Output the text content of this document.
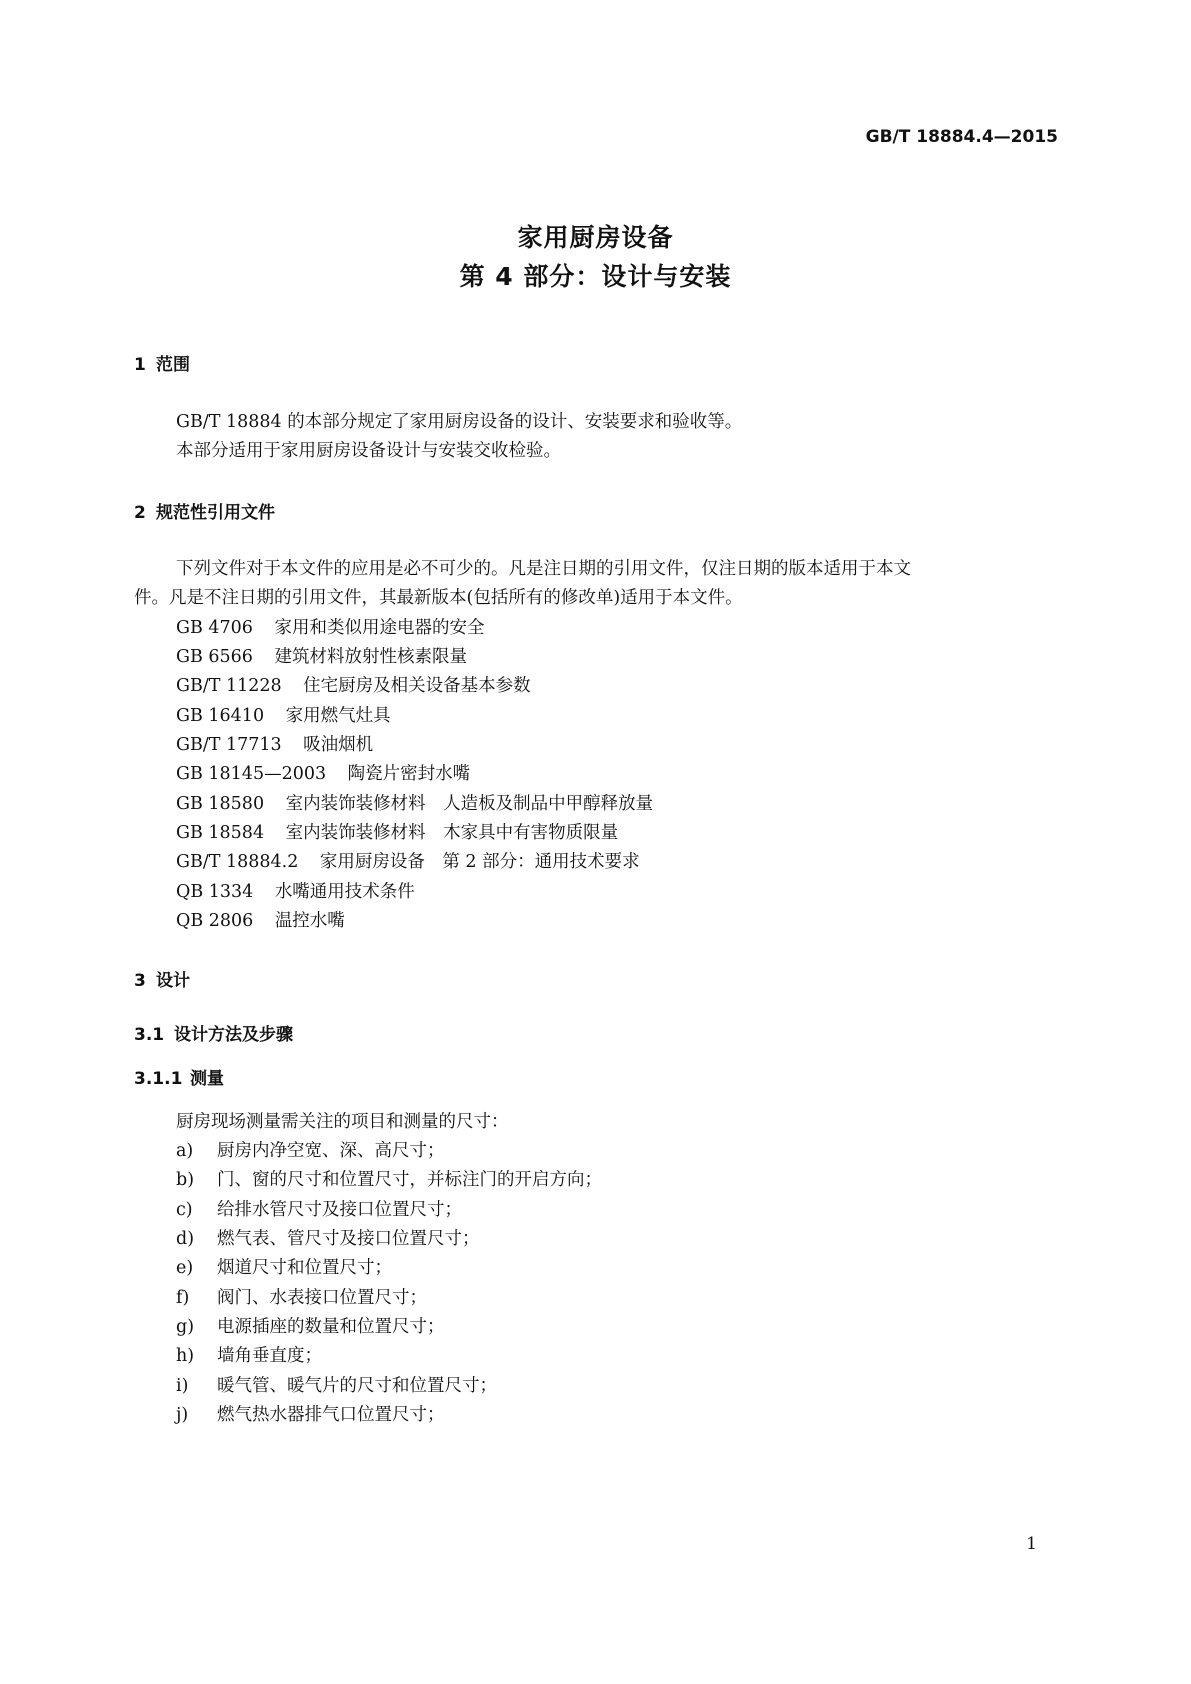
GB/T 18884.4—2015
家用厨房设备
第 4 部分：设计与安装
1 范围
GB/T 18884 的本部分规定了家用厨房设备的设计、安装要求和验收等。
本部分适用于家用厨房设备设计与安装交收检验。
2 规范性引用文件
下列文件对于本文件的应用是必不可少的。凡是注日期的引用文件，仅注日期的版本适用于本文
件。凡是不注日期的引用文件，其最新版本(包括所有的修改单)适用于本文件。
GB 4706　 家用和类似用途电器的安全
GB 6566　 建筑材料放射性核素限量
GB/T 11228　 住宅厨房及相关设备基本参数
GB 16410　 家用燃气灶具
GB/T 17713　 吸油烟机
GB 18145—2003　 陶瓷片密封水嘴
GB 18580　 室内装饰装修材料　人造板及制品中甲醇释放量
GB 18584　 室内装饰装修材料　木家具中有害物质限量
GB/T 18884.2　 家用厨房设备　第 2 部分：通用技术要求
QB 1334　 水嘴通用技术条件
QB 2806　 温控水嘴
3 设计
3.1 设计方法及步骤
3.1.1 测量
厨房现场测量需关注的项目和测量的尺寸：
a) 厨房内净空宽、深、高尺寸；
b) 门、窗的尺寸和位置尺寸，并标注门的开启方向；
c) 给排水管尺寸及接口位置尺寸；
d) 燃气表、管尺寸及接口位置尺寸；
e) 烟道尺寸和位置尺寸；
f) 阀门、水表接口位置尺寸；
g) 电源插座的数量和位置尺寸；
h) 墙角垂直度；
i) 暖气管、暖气片的尺寸和位置尺寸；
j) 燃气热水器排气口位置尺寸；
1
